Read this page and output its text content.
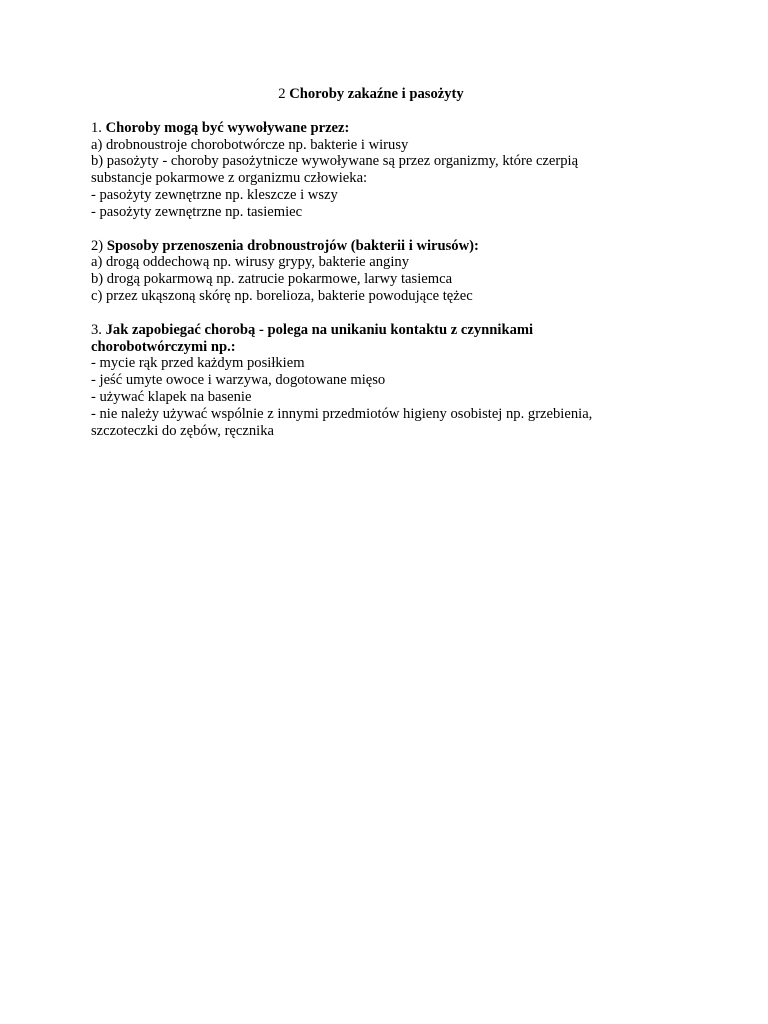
2 Choroby zakaźne i pasożyty
1. Choroby mogą być wywoływane przez:
a) drobnoustroje chorobotwórcze np. bakterie i wirusy
b) pasożyty - choroby pasożytnicze wywoływane są przez organizmy, które czerpią
substancje pokarmowe z organizmu człowieka:
- pasożyty zewnętrzne np. kleszcze i wszy
- pasożyty zewnętrzne np. tasiemiec
2) Sposoby przenoszenia drobnoustrojów (bakterii i wirusów):
a) drogą oddechową np. wirusy grypy, bakterie anginy
b) drogą pokarmową np. zatrucie pokarmowe, larwy tasiemca
c) przez ukąszoną skórę np. borelioza, bakterie powodujące tężec
3. Jak zapobiegać chorobą - polega na unikaniu kontaktu z czynnikami
chorobotwórczymi np.:
- mycie rąk przed każdym posiłkiem
- jeść umyte owoce i warzywa, dogotowane mięso
- używać klapek na basenie
- nie należy używać wspólnie z innymi przedmiotów higieny osobistej np. grzebienia,
szczoteczki do zębów, ręcznika
